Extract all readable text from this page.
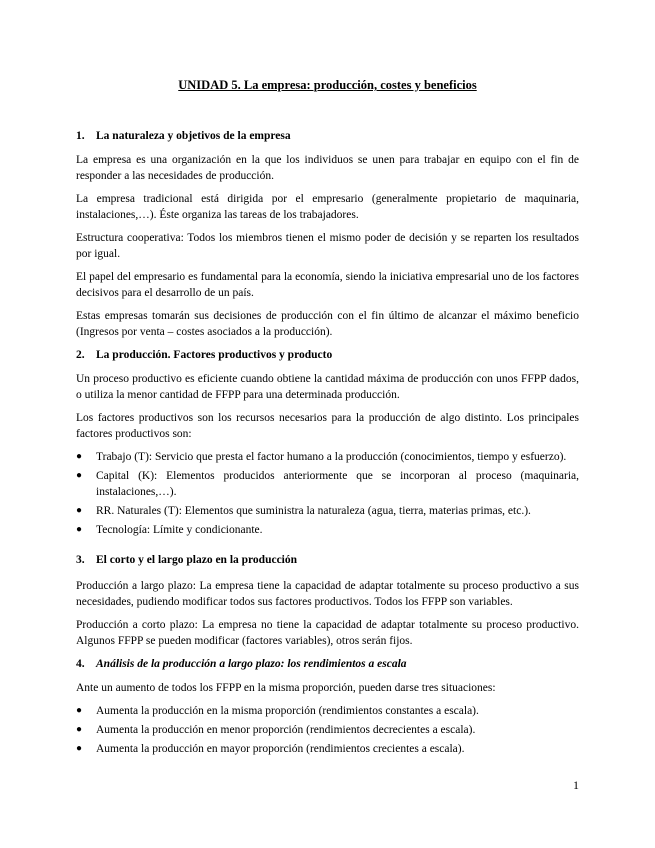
UNIDAD 5. La empresa: producción, costes y beneficios
1. La naturaleza y objetivos de la empresa

La empresa es una organización en la que los individuos se unen para trabajar en equipo con el fin de responder a las necesidades de producción.

La empresa tradicional está dirigida por el empresario (generalmente propietario de maquinaria, instalaciones,…). Éste organiza las tareas de los trabajadores.

Estructura cooperativa: Todos los miembros tienen el mismo poder de decisión y se reparten los resultados por igual.

El papel del empresario es fundamental para la economía, siendo la iniciativa empresarial uno de los factores decisivos para el desarrollo de un país.

Estas empresas tomarán sus decisiones de producción con el fin último de alcanzar el máximo beneficio (Ingresos por venta – costes asociados a la producción).

2. La producción. Factores productivos y producto

Un proceso productivo es eficiente cuando obtiene la cantidad máxima de producción con unos FFPP dados, o utiliza la menor cantidad de FFPP para una determinada producción.

Los factores productivos son los recursos necesarios para la producción de algo distinto. Los principales factores productivos son:

●	Trabajo (T): Servicio que presta el factor humano a la producción (conocimientos, tiempo y esfuerzo).
●	Capital (K): Elementos producidos anteriormente que se incorporan al proceso (maquinaria, instalaciones,…).
●	RR. Naturales (T): Elementos que suministra la naturaleza (agua, tierra, materias primas, etc.).
●	Tecnología: Límite y condicionante.
3. El corto y el largo plazo en la producción

Producción a largo plazo: La empresa tiene la capacidad de adaptar totalmente su proceso productivo a sus necesidades, pudiendo modificar todos sus factores productivos. Todos los FFPP son variables.

Producción a corto plazo: La empresa no tiene la capacidad de adaptar totalmente su proceso productivo. Algunos FFPP se pueden modificar (factores variables), otros serán fijos.

4. Análisis de la producción a largo plazo: los rendimientos a escala

Ante un aumento de todos los FFPP en la misma proporción, pueden darse tres situaciones:

●	Aumenta la producción en la misma proporción (rendimientos constantes a escala).
●	Aumenta la producción en menor proporción (rendimientos decrecientes a escala).
●	Aumenta la producción en mayor proporción (rendimientos crecientes a escala).
1
